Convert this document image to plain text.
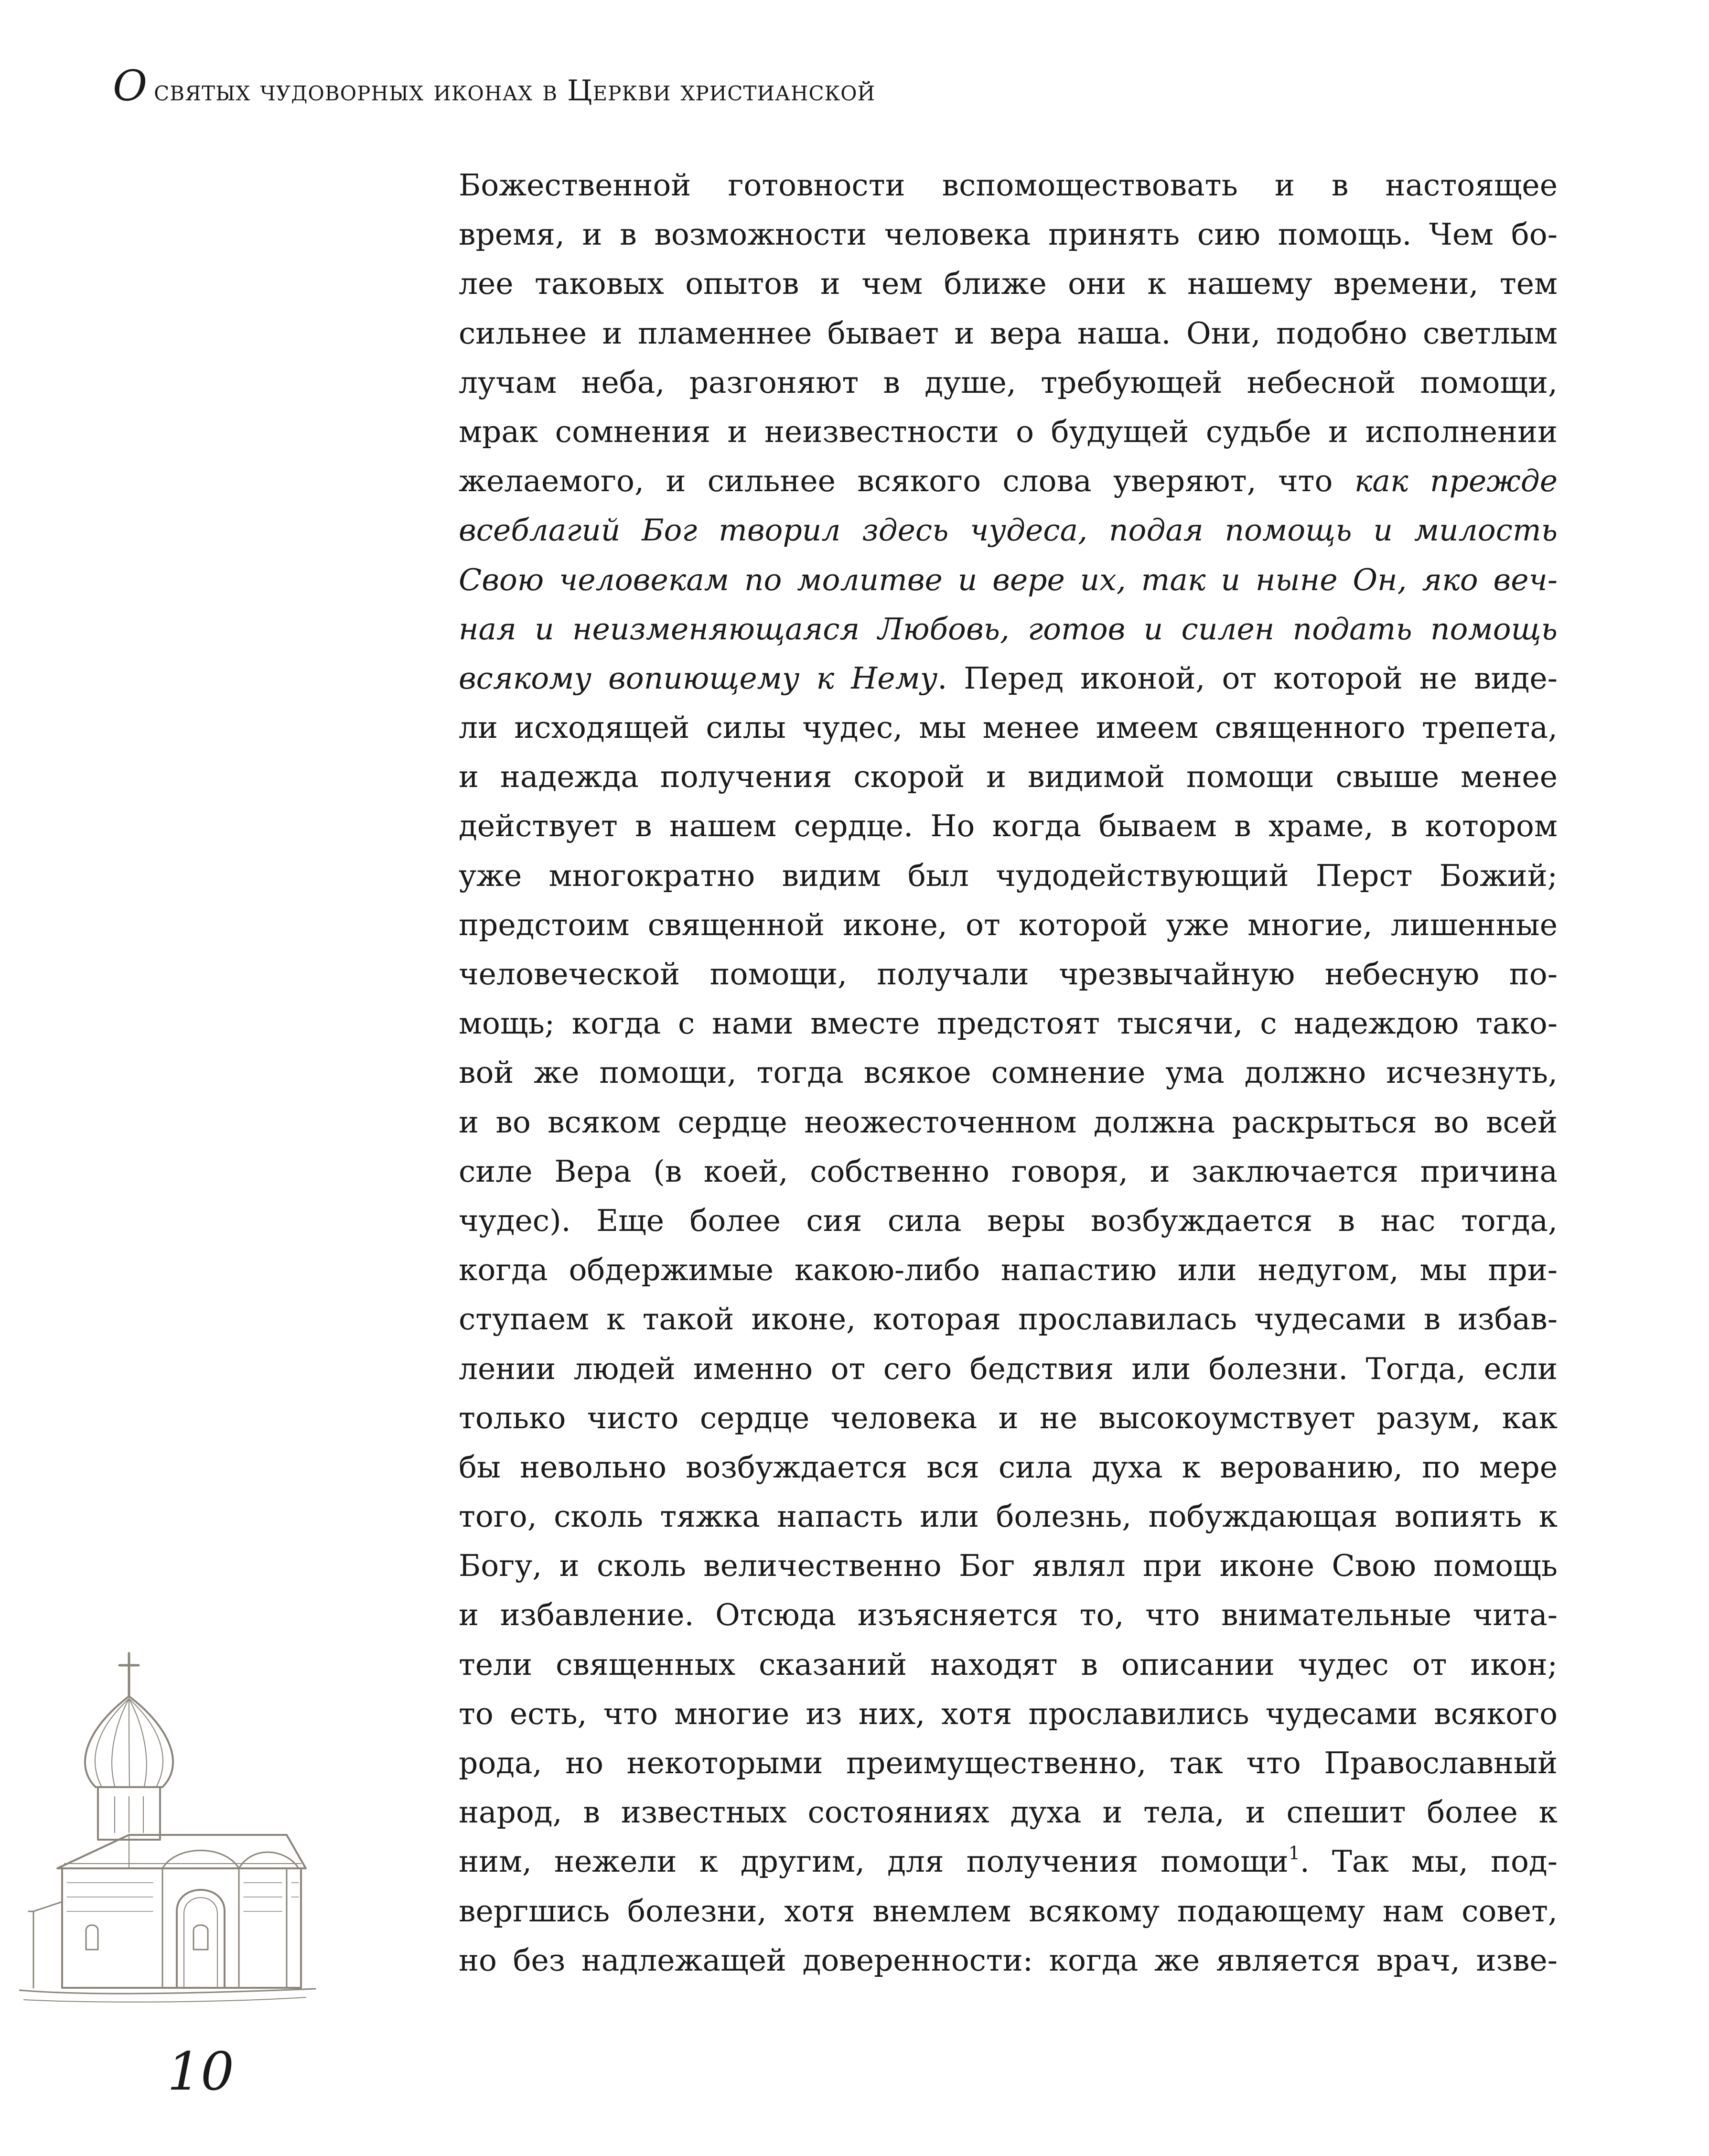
О святых чудоворных иконах в Церкви христианской
Божественной готовности вспомоществовать и в настоящее
время, и в возможности человека принять сию помощь. Чем бо-
лее таковых опытов и чем ближе они к нашему времени, тем
сильнее и пламеннее бывает и вера наша. Они, подобно светлым
лучам неба, разгоняют в душе, требующей небесной помощи,
мрак сомнения и неизвестности о будущей судьбе и исполнении
желаемого, и сильнее всякого слова уверяют, что как прежде
всеблагий Бог творил здесь чудеса, подая помощь и милость
Свою человекам по молитве и вере их, так и ныне Он, яко веч-
ная и неизменяющаяся Любовь, готов и силен подать помощь
всякому вопиющему к Нему. Перед иконой, от которой не виде-
ли исходящей силы чудес, мы менее имеем священного трепета,
и надежда получения скорой и видимой помощи свыше менее
действует в нашем сердце. Но когда бываем в храме, в котором
уже многократно видим был чудодействующий Перст Божий;
предстоим священной иконе, от которой уже многие, лишенные
человеческой помощи, получали чрезвычайную небесную по-
мощь; когда с нами вместе предстоят тысячи, с надеждою тако-
вой же помощи, тогда всякое сомнение ума должно исчезнуть,
и во всяком сердце неожесточенном должна раскрыться во всей
силе Вера (в коей, собственно говоря, и заключается причина
чудес). Еще более сия сила веры возбуждается в нас тогда,
когда обдержимые какою-либо напастию или недугом, мы при-
ступаем к такой иконе, которая прославилась чудесами в избав-
лении людей именно от сего бедствия или болезни. Тогда, если
только чисто сердце человека и не высокоумствует разум, как
бы невольно возбуждается вся сила духа к верованию, по мере
того, сколь тяжка напасть или болезнь, побуждающая вопиять к
Богу, и сколь величественно Бог являл при иконе Свою помощь
и избавление. Отсюда изъясняется то, что внимательные чита-
тели священных сказаний находят в описании чудес от икон;
то есть, что многие из них, хотя прославились чудесами всякого
рода, но некоторыми преимущественно, так что Православный
народ, в известных состояниях духа и тела, и спешит более к
ним, нежели к другим, для получения помощи$^1$. Так мы, под-
вергшись болезни, хотя внемлем всякому подающему нам совет,
но без надлежащей доверенности: когда же является врач, изве-
10
